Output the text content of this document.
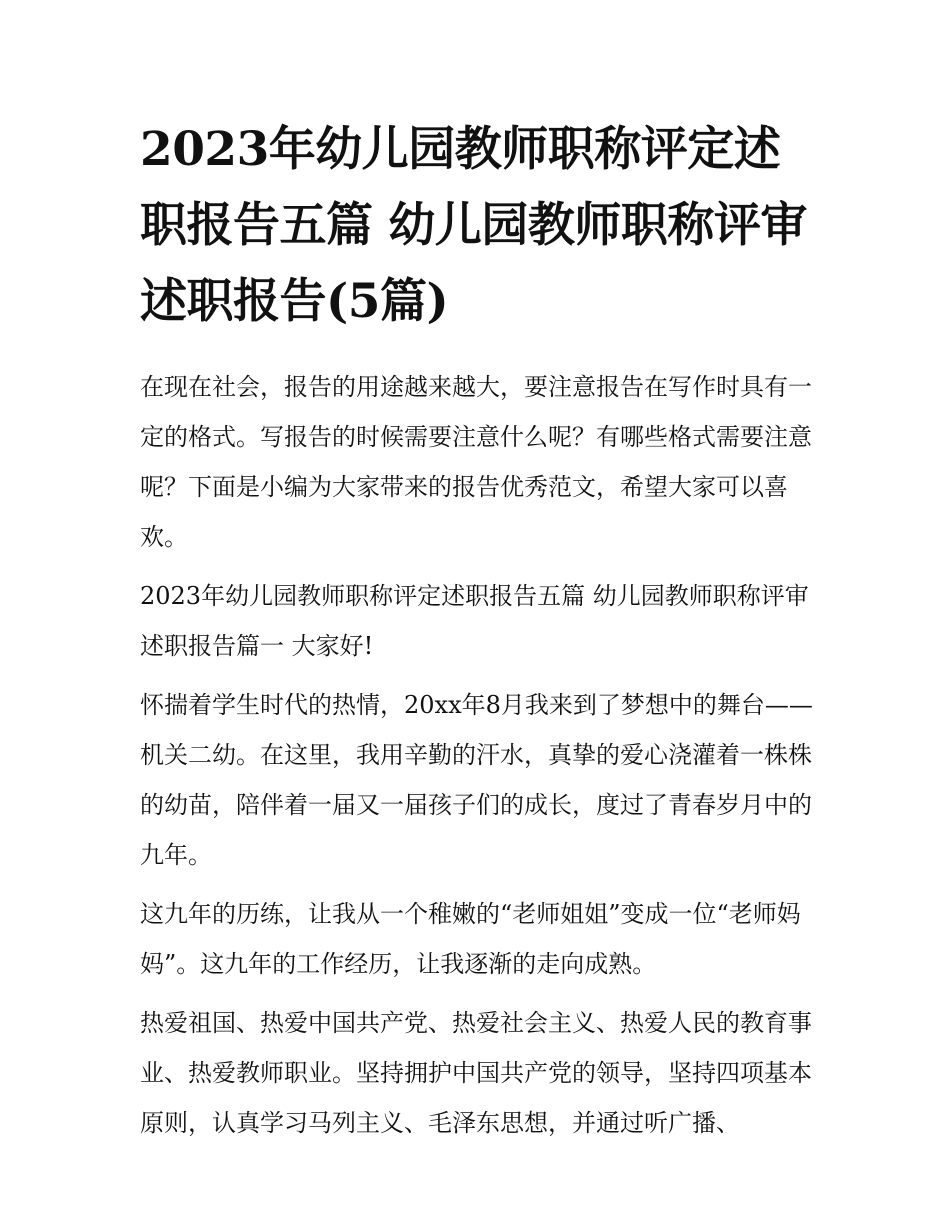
2023年幼儿园教师职称评定述职报告五篇 幼儿园教师职称评审述职报告(5篇)

在现在社会，报告的用途越来越大，要注意报告在写作时具有一定的格式。写报告的时候需要注意什么呢？有哪些格式需要注意呢？下面是小编为大家带来的报告优秀范文，希望大家可以喜欢。

2023年幼儿园教师职称评定述职报告五篇 幼儿园教师职称评审述职报告篇一 大家好!

怀揣着学生时代的热情，20xx年8月我来到了梦想中的舞台——机关二幼。在这里，我用辛勤的汗水，真挚的爱心浇灌着一株株的幼苗，陪伴着一届又一届孩子们的成长，度过了青春岁月中的九年。

这九年的历练，让我从一个稚嫩的“老师姐姐”变成一位“老师妈妈”。这九年的工作经历，让我逐渐的走向成熟。

热爱祖国、热爱中国共产党、热爱社会主义、热爱人民的教育事业、热爱教师职业。坚持拥护中国共产党的领导，坚持四项基本原则，认真学习马列主义、毛泽东思想，并通过听广播、
